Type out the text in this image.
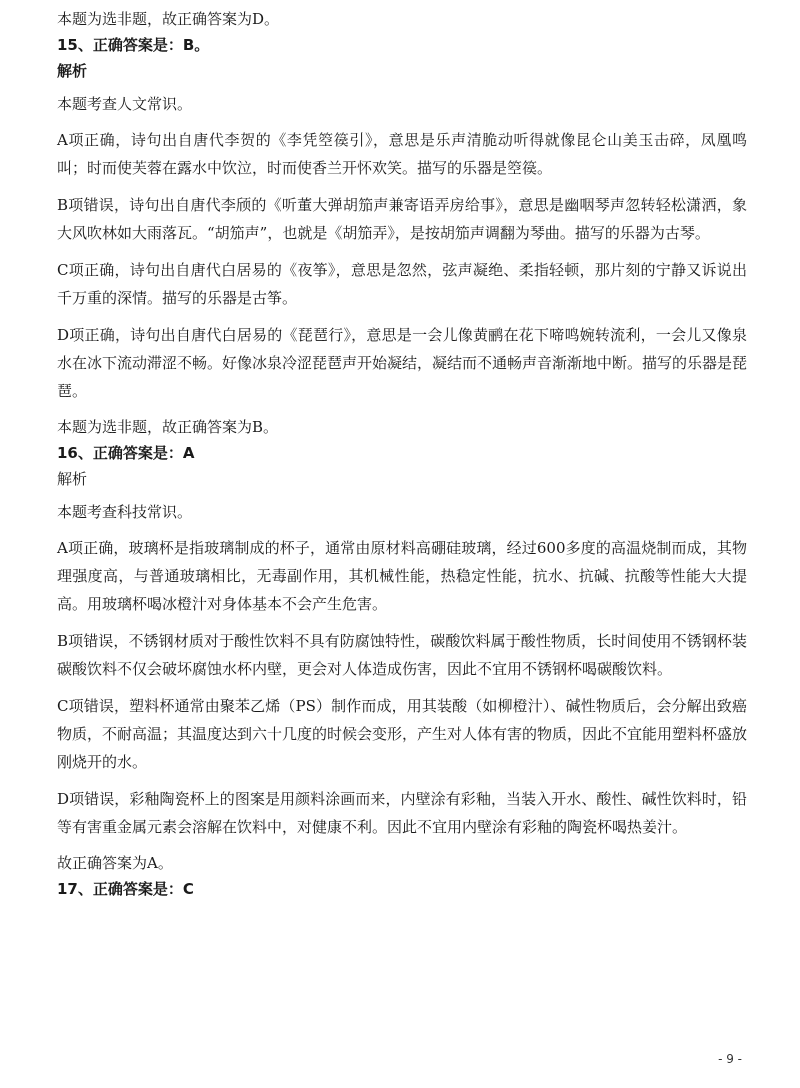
本题为选非题，故正确答案为D。

15、正确答案是：B。

解析

本题考查人文常识。

A项正确，诗句出自唐代李贺的《李凭箜篌引》，意思是乐声清脆动听得就像昆仑山美玉击碎，凤凰鸣叫；时而使芙蓉在露水中饮泣，时而使香兰开怀欢笑。描写的乐器是箜篌。

B项错误，诗句出自唐代李颀的《听董大弹胡笳声兼寄语弄房给事》，意思是幽咽琴声忽转轻松潇洒，象大风吹林如大雨落瓦。“胡笳声”，也就是《胡笳弄》，是按胡笳声调翻为琴曲。描写的乐器为古琴。

C项正确，诗句出自唐代白居易的《夜筝》，意思是忽然，弦声凝绝、柔指轻顿，那片刻的宁静又诉说出千万重的深情。描写的乐器是古筝。

D项正确，诗句出自唐代白居易的《琵琶行》，意思是一会儿像黄鹂在花下啼鸣婉转流利，一会儿又像泉水在冰下流动滞涩不畅。好像冰泉冷涩琵琶声开始凝结，凝结而不通畅声音渐渐地中断。描写的乐器是琵琶。

本题为选非题，故正确答案为B。

16、正确答案是：A

解析

本题考查科技常识。

A项正确，玻璃杯是指玻璃制成的杯子，通常由原材料高硼硅玻璃，经过600多度的高温烧制而成，其物理强度高，与普通玻璃相比，无毒副作用，其机械性能，热稳定性能，抗水、抗碱、抗酸等性能大大提高。用玻璃杯喝冰橙汁对身体基本不会产生危害。

B项错误，不锈钢材质对于酸性饮料不具有防腐蚀特性，碳酸饮料属于酸性物质，长时间使用不锈钢杯装碳酸饮料不仅会破坏腐蚀水杯内壁，更会对人体造成伤害，因此不宜用不锈钢杯喝碳酸饮料。

C项错误，塑料杯通常由聚苯乙烯（PS）制作而成，用其装酸（如柳橙汁）、碱性物质后，会分解出致癌物质，不耐高温；其温度达到六十几度的时候会变形，产生对人体有害的物质，因此不宜能用塑料杯盛放刚烧开的水。

D项错误，彩釉陶瓷杯上的图案是用颜料涂画而来，内壁涂有彩釉，当装入开水、酸性、碱性饮料时，铅等有害重金属元素会溶解在饮料中，对健康不利。因此不宜用内壁涂有彩釉的陶瓷杯喝热姜汁。

故正确答案为A。

17、正确答案是：C

- 9 -
